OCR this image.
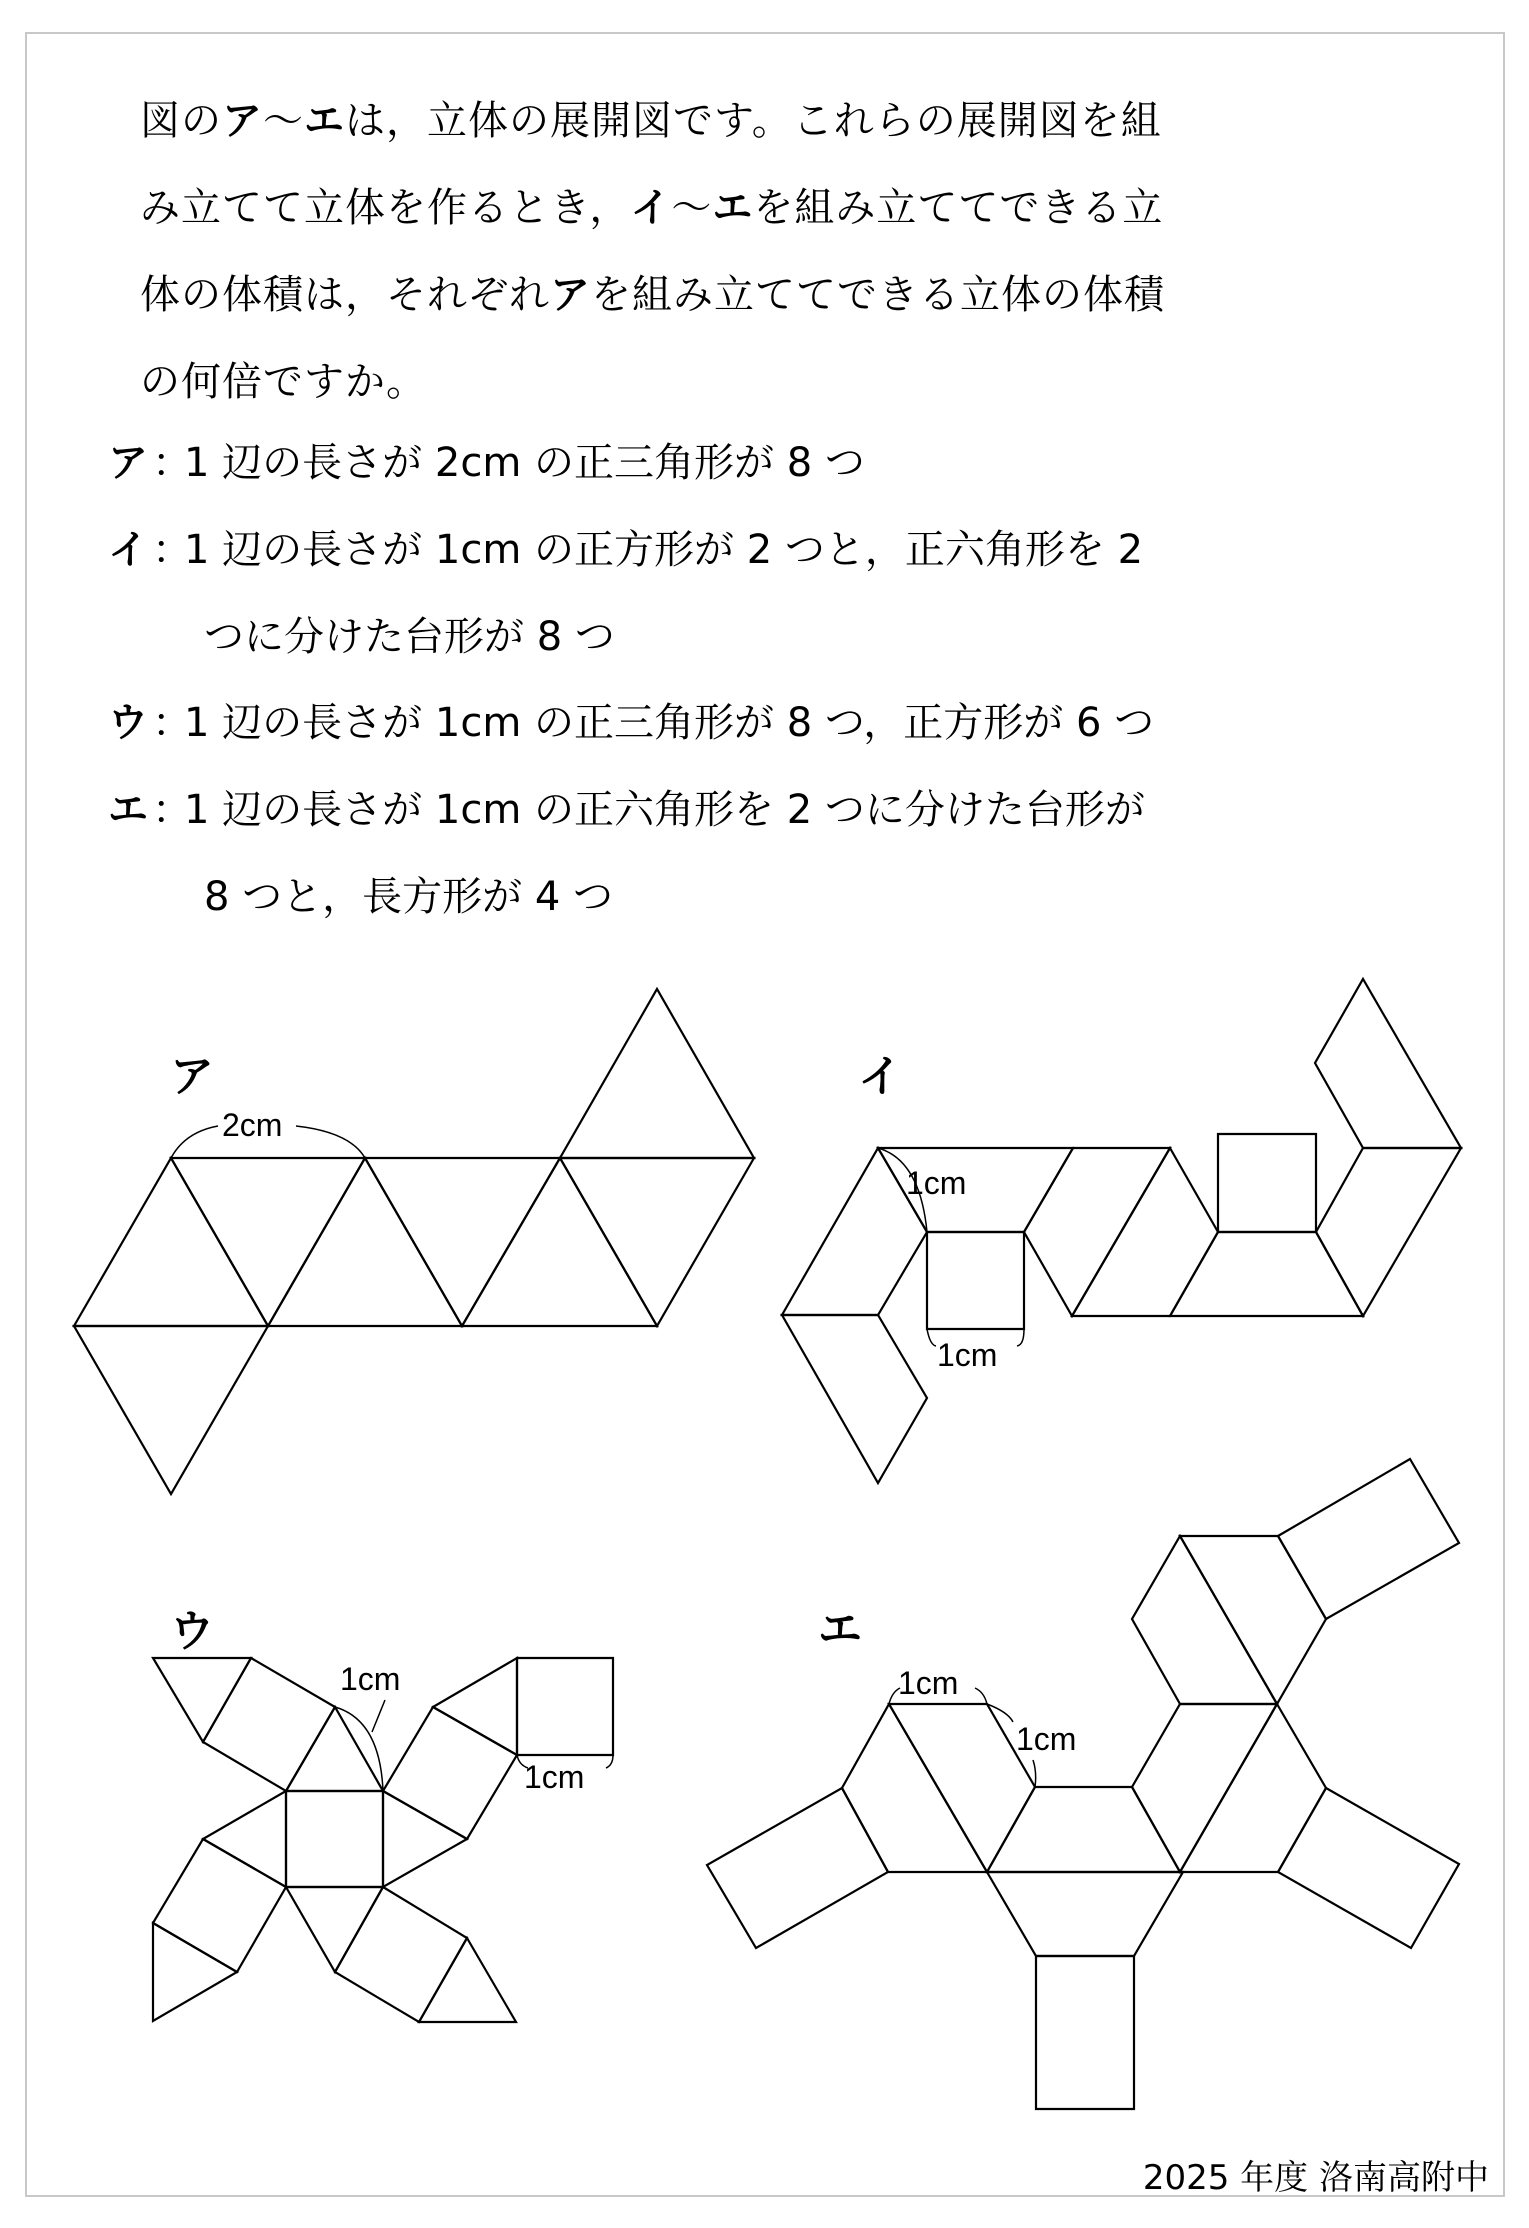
図のア～エは，立体の展開図です。これらの展開図を組
み立てて立体を作るとき，イ～エを組み立ててできる立
体の体積は，それぞれアを組み立ててできる立体の体積
の何倍ですか。
ア ：1 辺の長さが 2cm の正三角形が 8 つ
イ ：1 辺の長さが 1cm の正方形が 2 つと，正六角形を 2
つに分けた台形が 8 つ
ウ ：1 辺の長さが 1cm の正三角形が 8 つ，正方形が 6 つ
エ ：1 辺の長さが 1cm の正六角形を 2 つに分けた台形が
8 つと，長方形が 4 つ
ア	イ
ウ	エ
2cm
1cm
1cm
1cm
1cm
1cm
1cm
2025 年度 洛南高附中
